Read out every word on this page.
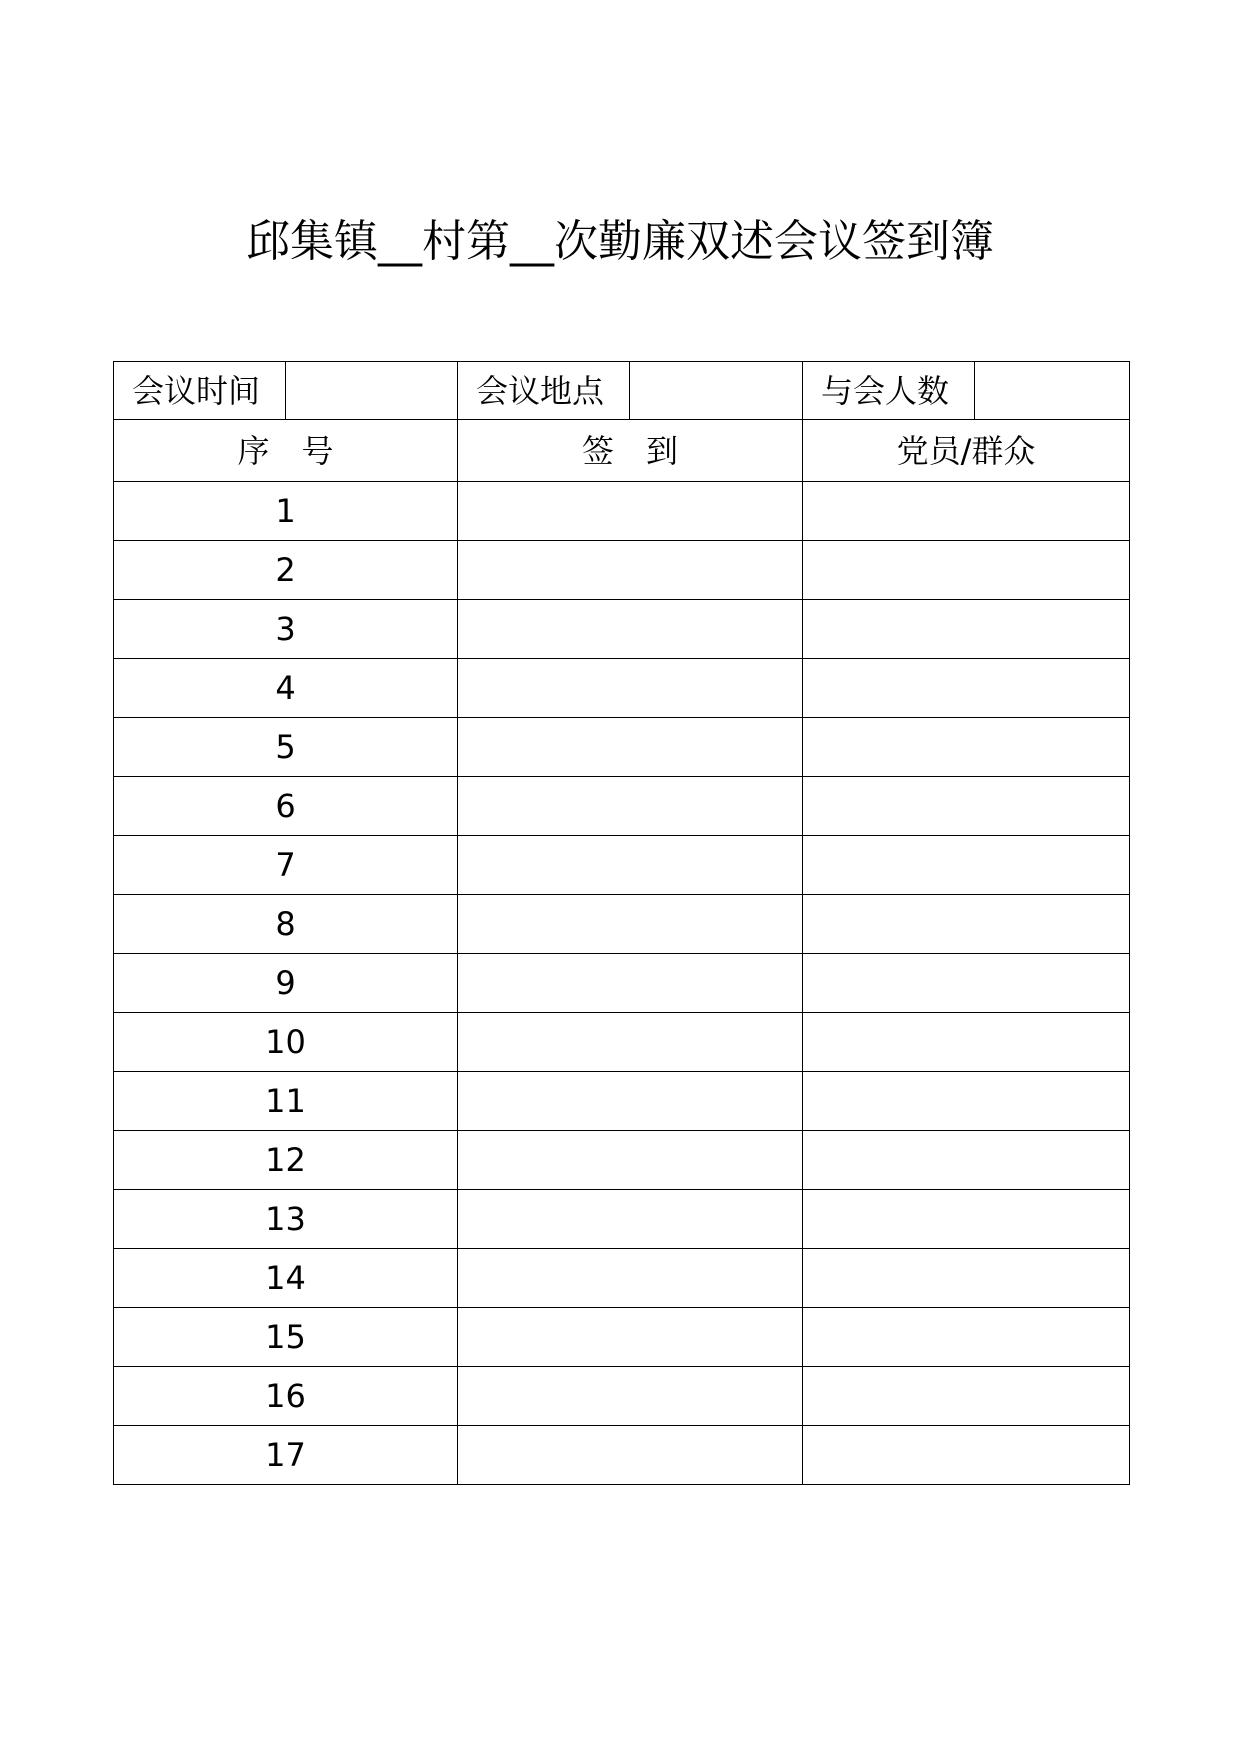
邱集镇__村第__次勤廉双述会议签到簿
会议时间		会议地点		与会人数	
序　号		签　到		党员/群众	
1					
2					
3					
4					
5					
6					
7					
8					
9					
10					
11					
12					
13					
14					
15					
16					
17					
